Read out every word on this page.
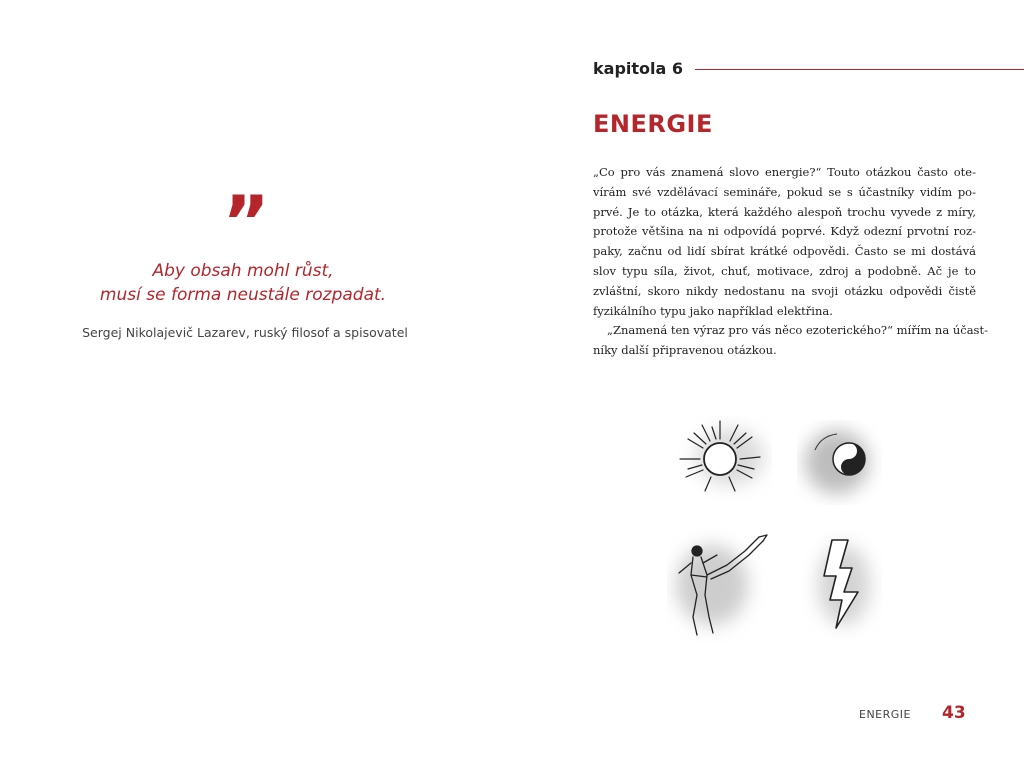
”
Aby obsah mohl růst,
musí se forma neustále rozpadat.
Sergej Nikolajevič Lazarev, ruský filosof a spisovatel
kapitola 6
ENERGIE
„Co pro vás znamená slovo energie?“ Touto otázkou často ote-
vírám své vzdělávací semináře, pokud se s účastníky vidím po-
prvé. Je to otázka, která každého alespoň trochu vyvede z míry,
protože většina na ni odpovídá poprvé. Když odezní prvotní roz-
paky, začnu od lidí sbírat krátké odpovědi. Často se mi dostává
slov typu síla, život, chuť, motivace, zdroj a podobně. Ač je to
zvláštní, skoro nikdy nedostanu na svoji otázku odpovědi čistě
fyzikálního typu jako například elektřina.
„Znamená ten výraz pro vás něco ezoterického?“ mířím na účast-
níky další připravenou otázkou.
ENERGIE 43
